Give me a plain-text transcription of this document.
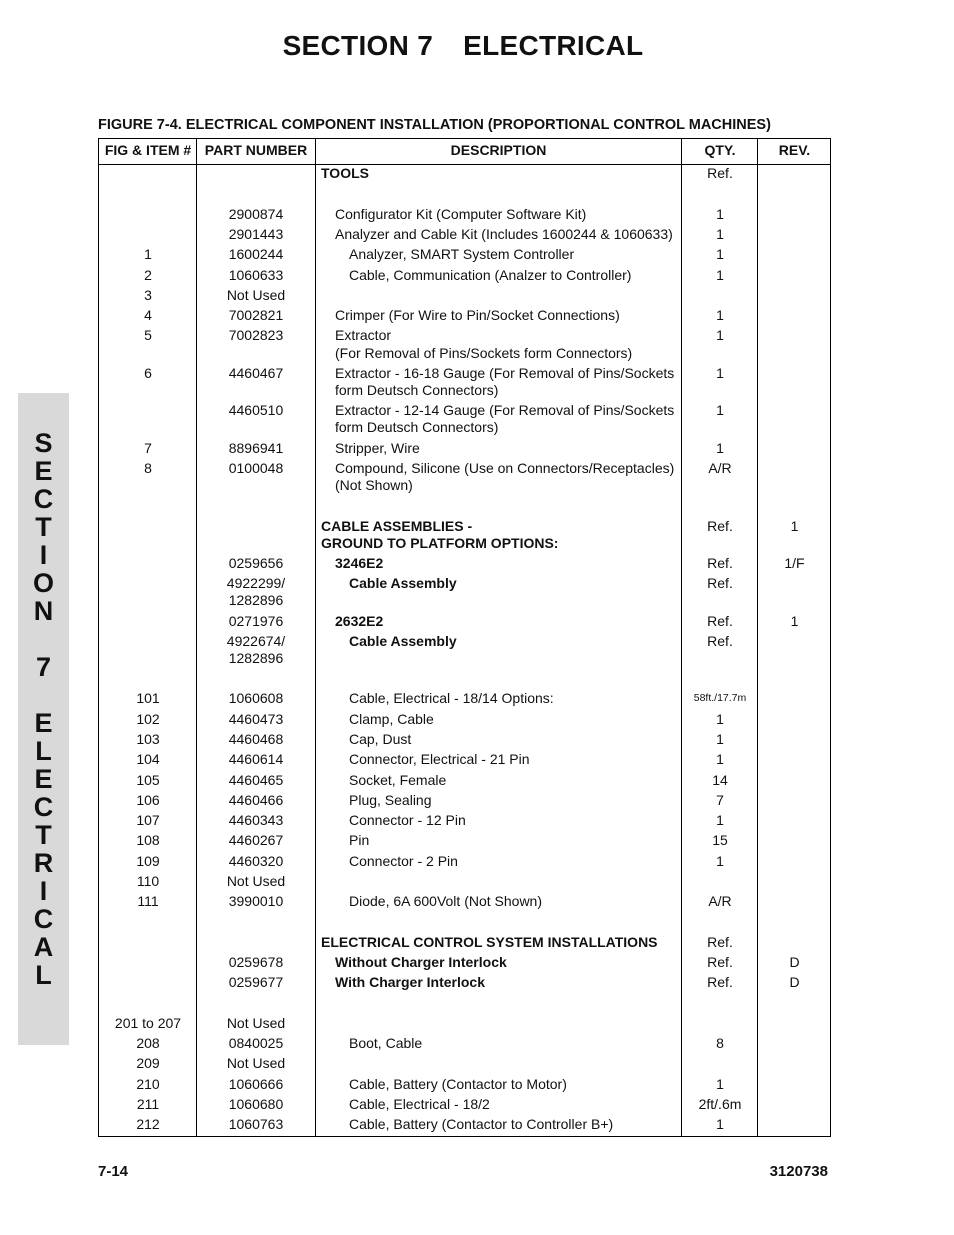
SECTION 7 ELECTRICAL
FIGURE 7-4. ELECTRICAL COMPONENT INSTALLATION (PROPORTIONAL CONTROL MACHINES)
S
E
C
T
I
O
N
7
E
L
E
C
T
R
I
C
A
L
FIG & ITEM # PART NUMBER	DESCRIPTION	QTY.	REV.
TOOLS	Ref.
2900874	Configurator Kit (Computer Software Kit)	1
2901443	Analyzer and Cable Kit (Includes 1600244 & 1060633)	1
1	1600244	Analyzer, SMART System Controller	1
2	1060633	Cable, Communication (Analzer to Controller)	1
3	Not Used
4	7002821	Crimper (For Wire to Pin/Socket Connections)	1
5	7002823	Extractor	1
(For Removal of Pins/Sockets form Connectors)
6	4460467	Extractor - 16-18 Gauge (For Removal of Pins/Sockets	1
form Deutsch Connectors)
4460510	Extractor - 12-14 Gauge (For Removal of Pins/Sockets	1
form Deutsch Connectors)
7	8896941	Stripper, Wire	1
8	0100048	Compound, Silicone (Use on Connectors/Receptacles)	A/R
(Not Shown)
CABLE ASSEMBLIES -	Ref.	1
GROUND TO PLATFORM OPTIONS:
0259656	3246E2	Ref.	1/F
4922299/	Cable Assembly	Ref.
1282896
0271976	2632E2	Ref.	1
4922674/	Cable Assembly	Ref.
1282896
101	1060608	Cable, Electrical - 18/14 Options:	58ft./17.7m
102	4460473	Clamp, Cable	1
103	4460468	Cap, Dust	1
104	4460614	Connector, Electrical - 21 Pin	1
105	4460465	Socket, Female	14
106	4460466	Plug, Sealing	7
107	4460343	Connector - 12 Pin	1
108	4460267	Pin	15
109	4460320	Connector - 2 Pin	1
110	Not Used
111	3990010	Diode, 6A 600Volt (Not Shown)	A/R
ELECTRICAL CONTROL SYSTEM INSTALLATIONS	Ref.
0259678	Without Charger Interlock	Ref.	D
0259677	With Charger Interlock	Ref.	D
201 to 207	Not Used
208	0840025	Boot, Cable	8
209	Not Used
210	1060666	Cable, Battery (Contactor to Motor)	1
211	1060680	Cable, Electrical - 18/2	2ft/.6m
212	1060763	Cable, Battery (Contactor to Controller B+)	1
7-14	3120738
